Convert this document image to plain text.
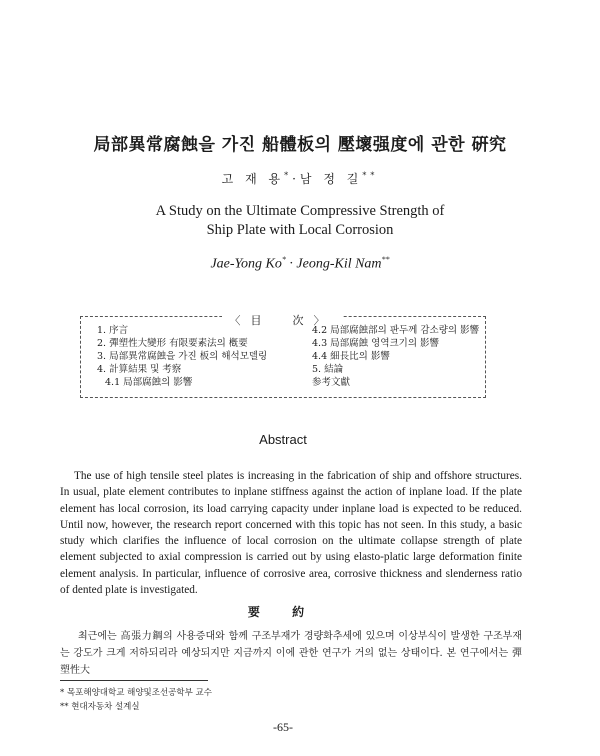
局部異常腐蝕을 가진 船體板의 壓壞强度에 관한 硏究
고 재 용*·남 정 길**
A Study on the Ultimate Compressive Strength of
Ship Plate with Local Corrosion
Jae-Yong Ko* · Jeong-Kil Nam**
〈目　次〉
1. 序言
2. 彈塑性大變形 有限要素法의 槪要
3. 局部異常腐蝕을 가진 板의 해석모델링
4. 計算結果 및 考察
4.1 局部腐蝕의 影響
4.2 局部腐蝕部의 판두께 감소량의 影響
4.3 局部腐蝕 영역크기의 影響
4.4 細長比의 影響
5. 結論
参考文獻
Abstract
The use of high tensile steel plates is increasing in the fabrication of ship and offshore structures. In usual, plate element contributes to inplane stiffness against the action of inplane load. If the plate element has local corrosion, its load carrying capacity under inplane load is expected to be reduced. Until now, however, the research report concerned with this topic has not seen. In this study, a basic study which clarifies the influence of local corrosion on the ultimate collapse strength of plate element subjected to axial compression is carried out by using elasto-platic large deformation finite element analysis. In particular, influence of corrosive area, corrosive thickness and slenderness ratio of dented plate is investigated.
要 約
최근에는 高張力鋼의 사용증대와 함께 구조부재가 경량화추세에 있으며 이상부식이 발생한 구조부재는 강도가 크게 저하되리라 예상되지만 지금까지 이에 관한 연구가 거의 없는 상태이다. 본 연구에서는 彈塑性大
* 목포해양대학교 해양및조선공학부 교수
** 현대자동차 설계실
-65-
